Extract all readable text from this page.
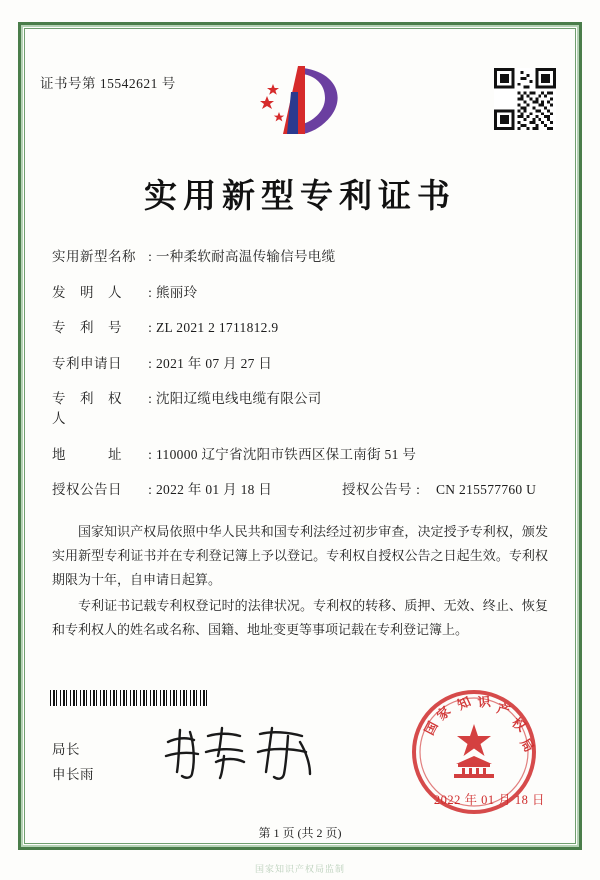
证书号第 15542621 号
实用新型专利证书
实用新型名称 : 一种柔软耐高温传输信号电缆
发　明　人	: 熊丽玲
专　利　号	: ZL 2021 2 1711812.9
专利申请日	: 2021 年 07 月 27 日
专　利　权　人
: 沈阳辽缆电线电缆有限公司
地　　　址	: 110000 辽宁省沈阳市铁西区保工南街 51 号
授权公告日	: 2022 年 01 月 18 日	授权公告号 :	CN 215577760 U

国家知识产权局依照中华人民共和国专利法经过初步审查，决定授予专利权，颁发实用新型专利证书并在专利登记簿上予以登记。专利权自授权公告之日起生效。专利权期限为十年，自申请日起算。

专利证书记载专利权登记时的法律状况。专利权的转移、质押、无效、终止、恢复和专利权人的姓名或名称、国籍、地址变更等事项记载在专利登记簿上。

局长
申长雨
国
家 知 识 产
权
局
2022 年 01 月 18 日
第 1 页 (共 2 页)
国家知识产权局监制
